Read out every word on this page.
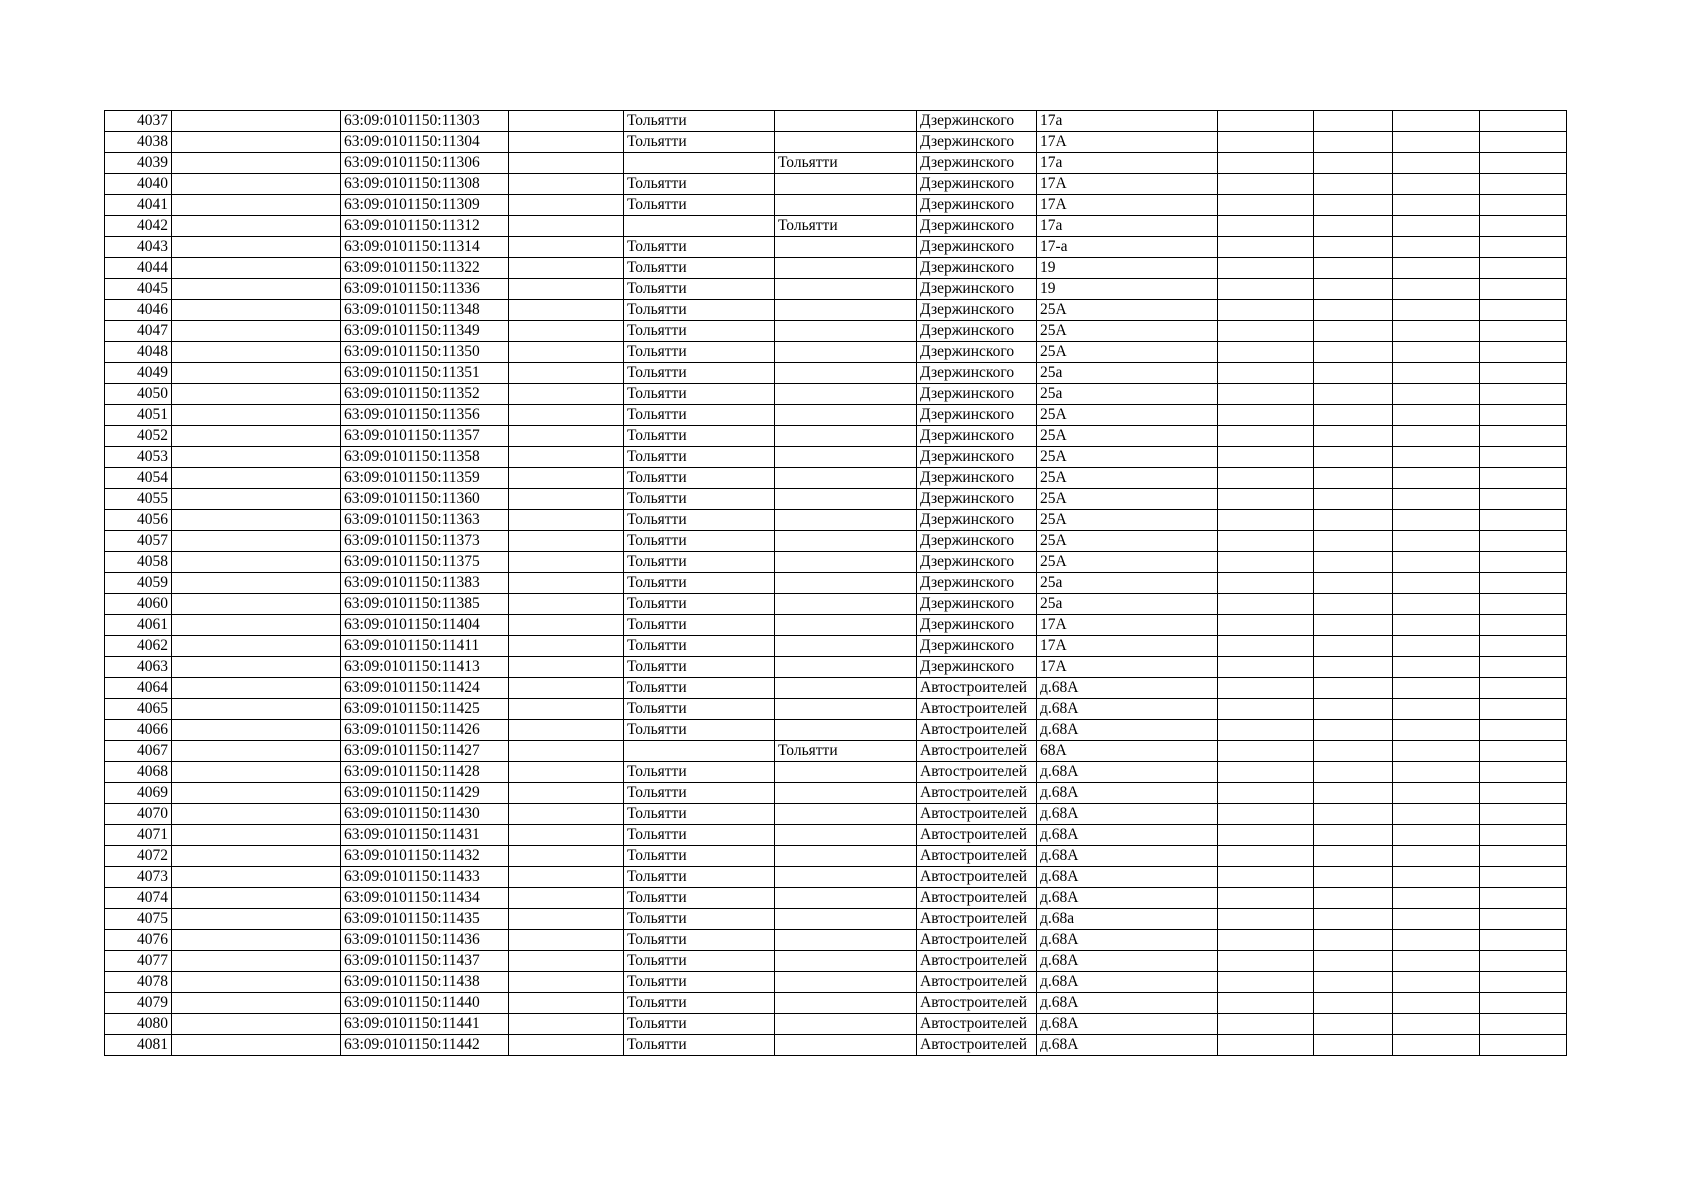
4037		63:09:0101150:11303		Тольятти		Дзержинского	17а				
4038		63:09:0101150:11304		Тольятти		Дзержинского	17А				
4039		63:09:0101150:11306			Тольятти	Дзержинского	17а				
4040		63:09:0101150:11308		Тольятти		Дзержинского	17А				
4041		63:09:0101150:11309		Тольятти		Дзержинского	17А				
4042		63:09:0101150:11312			Тольятти	Дзержинского	17а				
4043		63:09:0101150:11314		Тольятти		Дзержинского	17-а				
4044		63:09:0101150:11322		Тольятти		Дзержинского	19				
4045		63:09:0101150:11336		Тольятти		Дзержинского	19				
4046		63:09:0101150:11348		Тольятти		Дзержинского	25А				
4047		63:09:0101150:11349		Тольятти		Дзержинского	25А				
4048		63:09:0101150:11350		Тольятти		Дзержинского	25А				
4049		63:09:0101150:11351		Тольятти		Дзержинского	25а				
4050		63:09:0101150:11352		Тольятти		Дзержинского	25а				
4051		63:09:0101150:11356		Тольятти		Дзержинского	25А				
4052		63:09:0101150:11357		Тольятти		Дзержинского	25А				
4053		63:09:0101150:11358		Тольятти		Дзержинского	25А				
4054		63:09:0101150:11359		Тольятти		Дзержинского	25А				
4055		63:09:0101150:11360		Тольятти		Дзержинского	25А				
4056		63:09:0101150:11363		Тольятти		Дзержинского	25А				
4057		63:09:0101150:11373		Тольятти		Дзержинского	25А				
4058		63:09:0101150:11375		Тольятти		Дзержинского	25А				
4059		63:09:0101150:11383		Тольятти		Дзержинского	25а				
4060		63:09:0101150:11385		Тольятти		Дзержинского	25а				
4061		63:09:0101150:11404		Тольятти		Дзержинского	17А				
4062		63:09:0101150:11411		Тольятти		Дзержинского	17А				
4063		63:09:0101150:11413		Тольятти		Дзержинского	17А				
4064		63:09:0101150:11424		Тольятти		Автостроителей	д.68А				
4065		63:09:0101150:11425		Тольятти		Автостроителей	д.68А				
4066		63:09:0101150:11426		Тольятти		Автостроителей	д.68А				
4067		63:09:0101150:11427			Тольятти	Автостроителей	68А				
4068		63:09:0101150:11428		Тольятти		Автостроителей	д.68А				
4069		63:09:0101150:11429		Тольятти		Автостроителей	д.68А				
4070		63:09:0101150:11430		Тольятти		Автостроителей	д.68А				
4071		63:09:0101150:11431		Тольятти		Автостроителей	д.68А				
4072		63:09:0101150:11432		Тольятти		Автостроителей	д.68А				
4073		63:09:0101150:11433		Тольятти		Автостроителей	д.68А				
4074		63:09:0101150:11434		Тольятти		Автостроителей	д.68А				
4075		63:09:0101150:11435		Тольятти		Автостроителей	д.68а				
4076		63:09:0101150:11436		Тольятти		Автостроителей	д.68А				
4077		63:09:0101150:11437		Тольятти		Автостроителей	д.68А				
4078		63:09:0101150:11438		Тольятти		Автостроителей	д.68А				
4079		63:09:0101150:11440		Тольятти		Автостроителей	д.68А				
4080		63:09:0101150:11441		Тольятти		Автостроителей	д.68А				
4081		63:09:0101150:11442		Тольятти		Автостроителей	д.68А				
